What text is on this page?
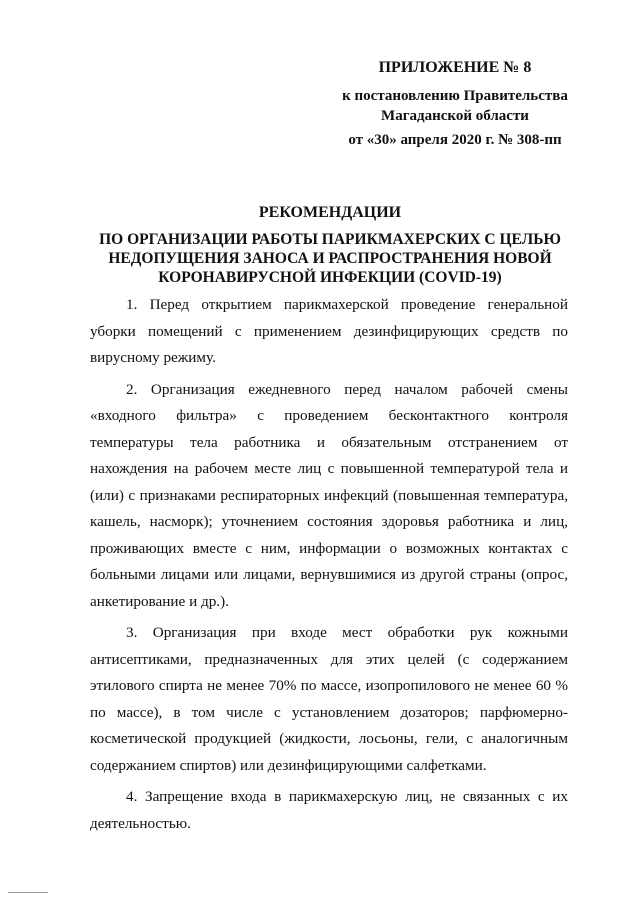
ПРИЛОЖЕНИЕ № 8
к постановлению Правительства Магаданской области
от «30» апреля 2020 г. № 308-пп
РЕКОМЕНДАЦИИ
ПО ОРГАНИЗАЦИИ РАБОТЫ ПАРИКМАХЕРСКИХ С ЦЕЛЬЮ НЕДОПУЩЕНИЯ ЗАНОСА И РАСПРОСТРАНЕНИЯ НОВОЙ КОРОНАВИРУСНОЙ ИНФЕКЦИИ (COVID-19)

1. Перед открытием парикмахерской проведение генеральной уборки помещений с применением дезинфицирующих средств по вирусному режиму.

2. Организация ежедневного перед началом рабочей смены «входного фильтра» с проведением бесконтактного контроля температуры тела работника и обязательным отстранением от нахождения на рабочем месте лиц с повышенной температурой тела и (или) с признаками респираторных инфекций (повышенная температура, кашель, насморк); уточнением состояния здоровья работника и лиц, проживающих вместе с ним, информации о возможных контактах с больными лицами или лицами, вернувшимися из другой страны (опрос, анкетирование и др.).

3. Организация при входе мест обработки рук кожными антисептиками, предназначенных для этих целей (с содержанием этилового спирта не менее 70% по массе, изопропилового не менее 60 % по массе), в том числе с установлением дозаторов; парфюмерно-косметической продукцией (жидкости, лосьоны, гели, с аналогичным содержанием спиртов) или дезинфицирующими салфетками.

4. Запрещение входа в парикмахерскую лиц, не связанных с их деятельностью.
